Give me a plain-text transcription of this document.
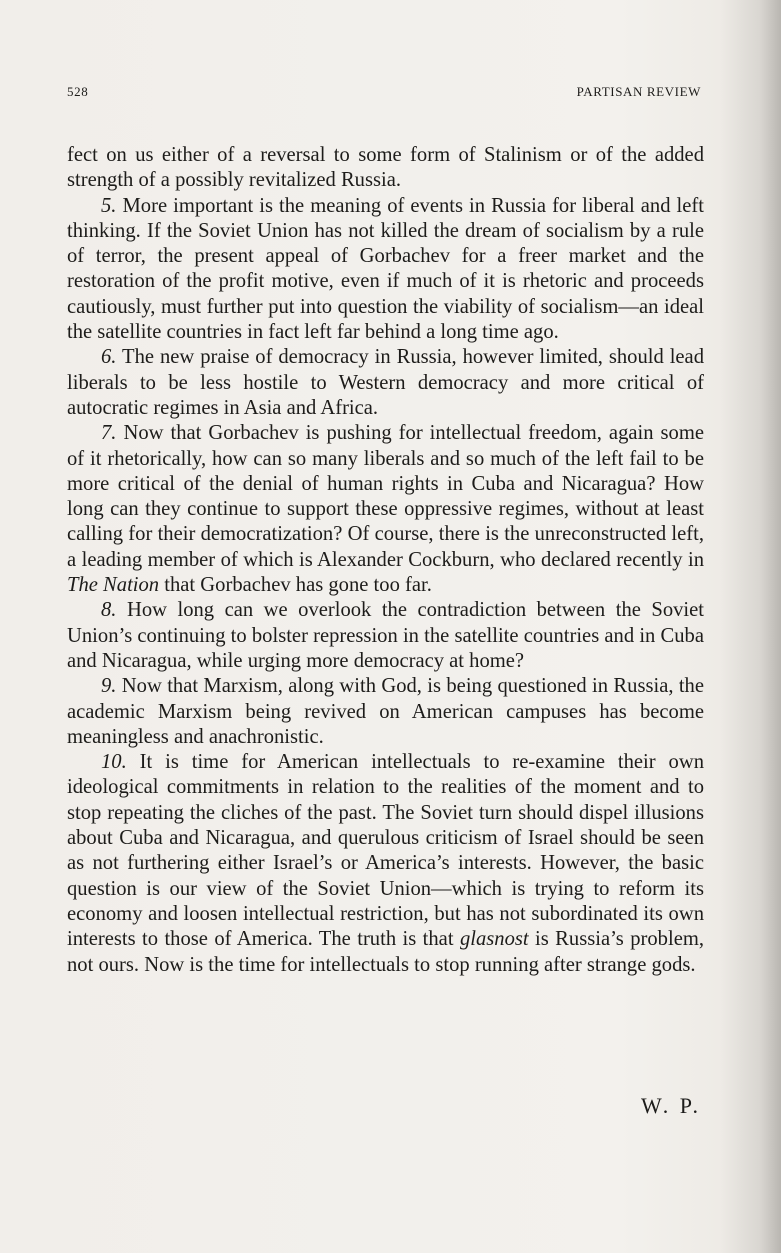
528	PARTISAN REVIEW

fect on us either of a reversal to some form of Stalinism or of the added strength of a possibly revitalized Russia.

5. More important is the meaning of events in Russia for liberal and left thinking. If the Soviet Union has not killed the dream of socialism by a rule of terror, the present appeal of Gorbachev for a freer market and the restoration of the profit motive, even if much of it is rhetoric and proceeds cautiously, must further put into question the viability of socialism—an ideal the satellite countries in fact left far behind a long time ago.

6. The new praise of democracy in Russia, however limited, should lead liberals to be less hostile to Western democracy and more critical of autocratic regimes in Asia and Africa.

7. Now that Gorbachev is pushing for intellectual freedom, again some of it rhetorically, how can so many liberals and so much of the left fail to be more critical of the denial of human rights in Cuba and Nicaragua? How long can they continue to support these oppressive regimes, without at least calling for their democratization? Of course, there is the unreconstructed left, a leading member of which is Alexander Cockburn, who declared recently in The Nation that Gorbachev has gone too far.

8. How long can we overlook the contradiction between the Soviet Union’s continuing to bolster repression in the satellite countries and in Cuba and Nicaragua, while urging more democracy at home?

9. Now that Marxism, along with God, is being questioned in Russia, the academic Marxism being revived on American campuses has become meaningless and anachronistic.

10. It is time for American intellectuals to re-examine their own ideological commitments in relation to the realities of the moment and to stop repeating the cliches of the past. The Soviet turn should dispel illusions about Cuba and Nicaragua, and querulous criticism of Israel should be seen as not furthering either Israel’s or America’s interests. However, the basic question is our view of the Soviet Union—which is trying to reform its economy and loosen intellectual restriction, but has not subordinated its own interests to those of America. The truth is that glasnost is Russia’s problem, not ours. Now is the time for intellectuals to stop running after strange gods.

W. P.
